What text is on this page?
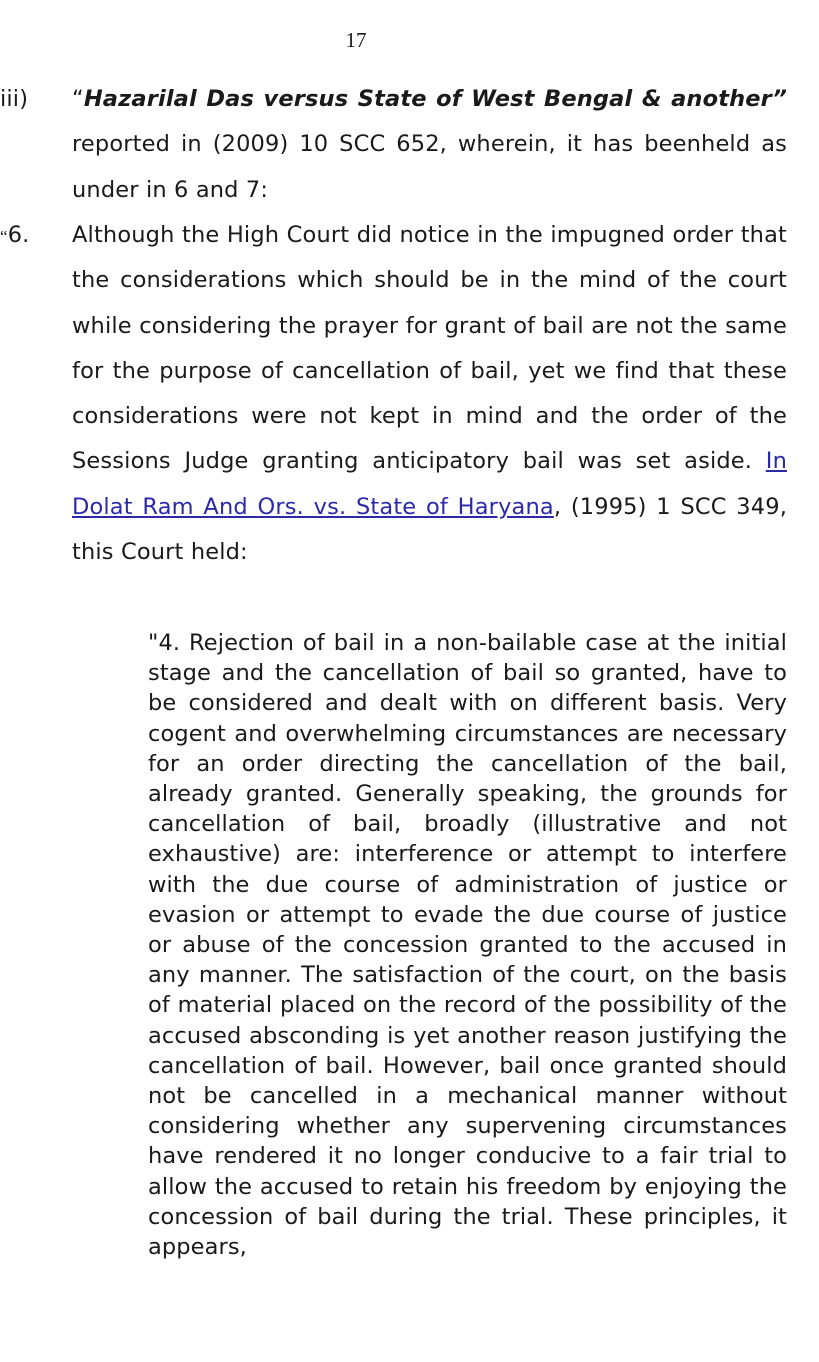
17
iii) “Hazarilal Das versus State of West Bengal & another” reported in (2009) 10 SCC 652, wherein, it has beenheld as under in 6 and 7:
“6. Although the High Court did notice in the impugned order that the considerations which should be in the mind of the court while considering the prayer for grant of bail are not the same for the purpose of cancellation of bail, yet we find that these considerations were not kept in mind and the order of the Sessions Judge granting anticipatory bail was set aside. In Dolat Ram And Ors. vs. State of Haryana, (1995) 1 SCC 349, this Court held:
"4. Rejection of bail in a non-bailable case at the initial stage and the cancellation of bail so granted, have to be considered and dealt with on different basis. Very cogent and overwhelming circumstances are necessary for an order directing the cancellation of the bail, already granted. Generally speaking, the grounds for cancellation of bail, broadly (illustrative and not exhaustive) are: interference or attempt to interfere with the due course of administration of justice or evasion or attempt to evade the due course of justice or abuse of the concession granted to the accused in any manner. The satisfaction of the court, on the basis of material placed on the record of the possibility of the accused absconding is yet another reason justifying the cancellation of bail. However, bail once granted should not be cancelled in a mechanical manner without considering whether any supervening circumstances have rendered it no longer conducive to a fair trial to allow the accused to retain his freedom by enjoying the concession of bail during the trial. These principles, it appears,
